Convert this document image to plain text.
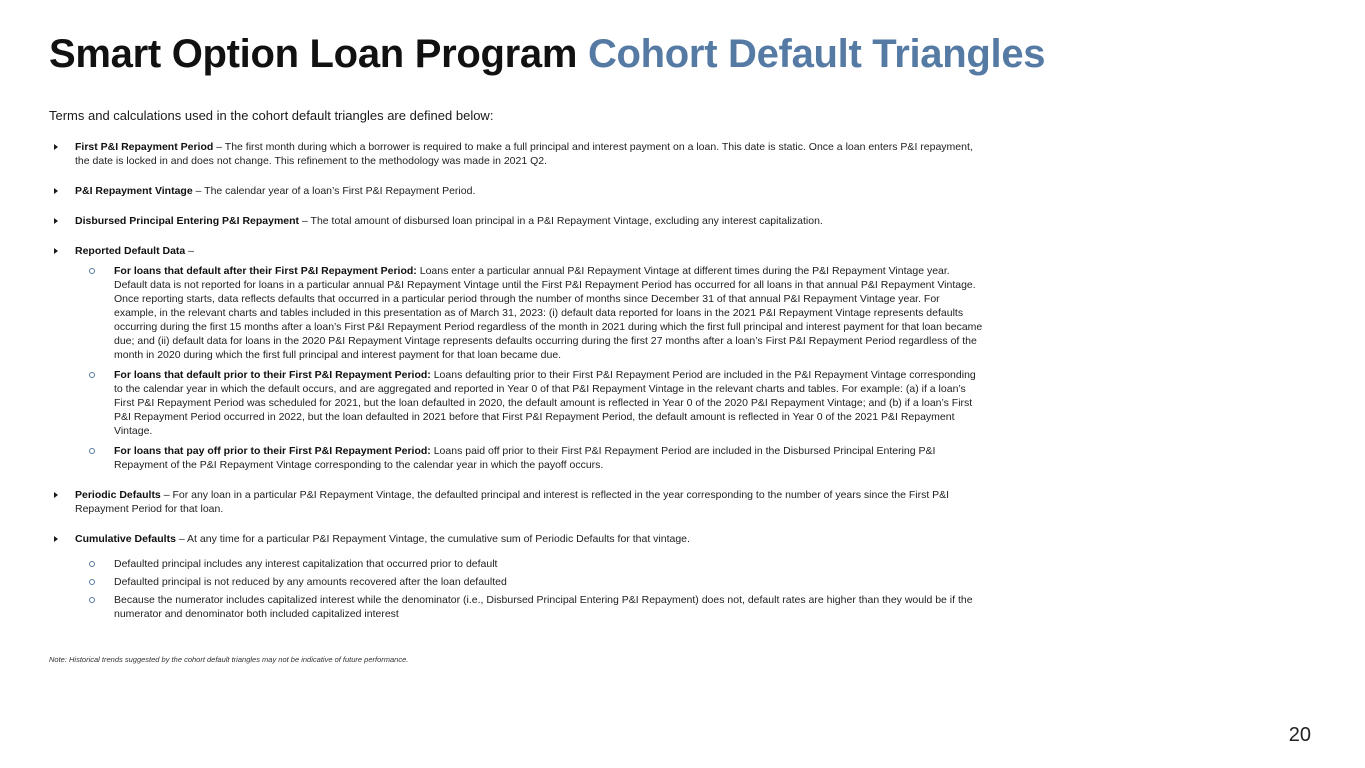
Smart Option Loan Program Cohort Default Triangles

Terms and calculations used in the cohort default triangles are defined below:

First P&I Repayment Period – The first month during which a borrower is required to make a full principal and interest payment on a loan. This date is static. Once a loan enters P&I repayment, the date is locked in and does not change. This refinement to the methodology was made in 2021 Q2.
P&I Repayment Vintage – The calendar year of a loan’s First P&I Repayment Period.
Disbursed Principal Entering P&I Repayment – The total amount of disbursed loan principal in a P&I Repayment Vintage, excluding any interest capitalization.
Reported Default Data –
For loans that default after their First P&I Repayment Period: Loans enter a particular annual P&I Repayment Vintage at different times during the P&I Repayment Vintage year. Default data is not reported for loans in a particular annual P&I Repayment Vintage until the First P&I Repayment Period has occurred for all loans in that annual P&I Repayment Vintage. Once reporting starts, data reflects defaults that occurred in a particular period through the number of months since December 31 of that annual P&I Repayment Vintage year. For example, in the relevant charts and tables included in this presentation as of March 31, 2023: (i) default data reported for loans in the 2021 P&I Repayment Vintage represents defaults occurring during the first 15 months after a loan’s First P&I Repayment Period regardless of the month in 2021 during which the first full principal and interest payment for that loan became due; and (ii) default data for loans in the 2020 P&I Repayment Vintage represents defaults occurring during the first 27 months after a loan’s First P&I Repayment Period regardless of the month in 2020 during which the first full principal and interest payment for that loan became due.
For loans that default prior to their First P&I Repayment Period: Loans defaulting prior to their First P&I Repayment Period are included in the P&I Repayment Vintage corresponding to the calendar year in which the default occurs, and are aggregated and reported in Year 0 of that P&I Repayment Vintage in the relevant charts and tables. For example: (a) if a loan’s First P&I Repayment Period was scheduled for 2021, but the loan defaulted in 2020, the default amount is reflected in Year 0 of the 2020 P&I Repayment Vintage; and (b) if a loan’s First P&I Repayment Period occurred in 2022, but the loan defaulted in 2021 before that First P&I Repayment Period, the default amount is reflected in Year 0 of the 2021 P&I Repayment Vintage.
For loans that pay off prior to their First P&I Repayment Period: Loans paid off prior to their First P&I Repayment Period are included in the Disbursed Principal Entering P&I Repayment of the P&I Repayment Vintage corresponding to the calendar year in which the payoff occurs.
Periodic Defaults – For any loan in a particular P&I Repayment Vintage, the defaulted principal and interest is reflected in the year corresponding to the number of years since the First P&I Repayment Period for that loan.
Cumulative Defaults – At any time for a particular P&I Repayment Vintage, the cumulative sum of Periodic Defaults for that vintage.
Defaulted principal includes any interest capitalization that occurred prior to default
Defaulted principal is not reduced by any amounts recovered after the loan defaulted
Because the numerator includes capitalized interest while the denominator (i.e., Disbursed Principal Entering P&I Repayment) does not, default rates are higher than they would be if the numerator and denominator both included capitalized interest

Note: Historical trends suggested by the cohort default triangles may not be indicative of future performance.

20
